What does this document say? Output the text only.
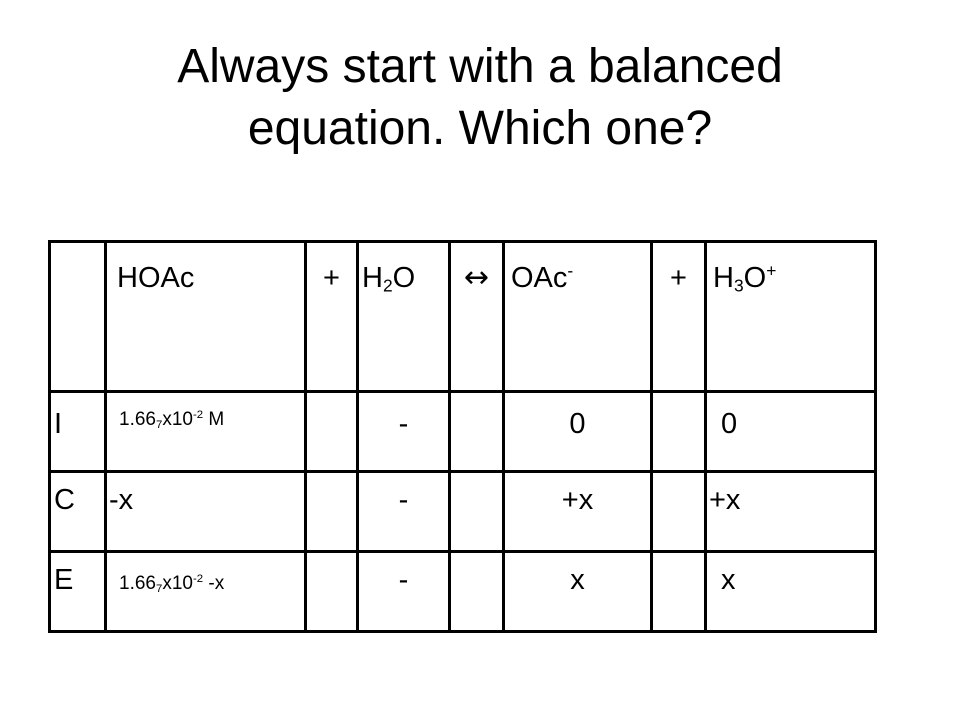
Always start with a balanced
equation. Which one?
	HOAc	+	$H_2O$	↔	OAc-	+	$H_3O^+$
I	$1.66_7x10^{-2}$ M		-		0		0
C	-x		-		+x		+x
E	$1.66_7x10^{-2}$ -x		-		x		x
